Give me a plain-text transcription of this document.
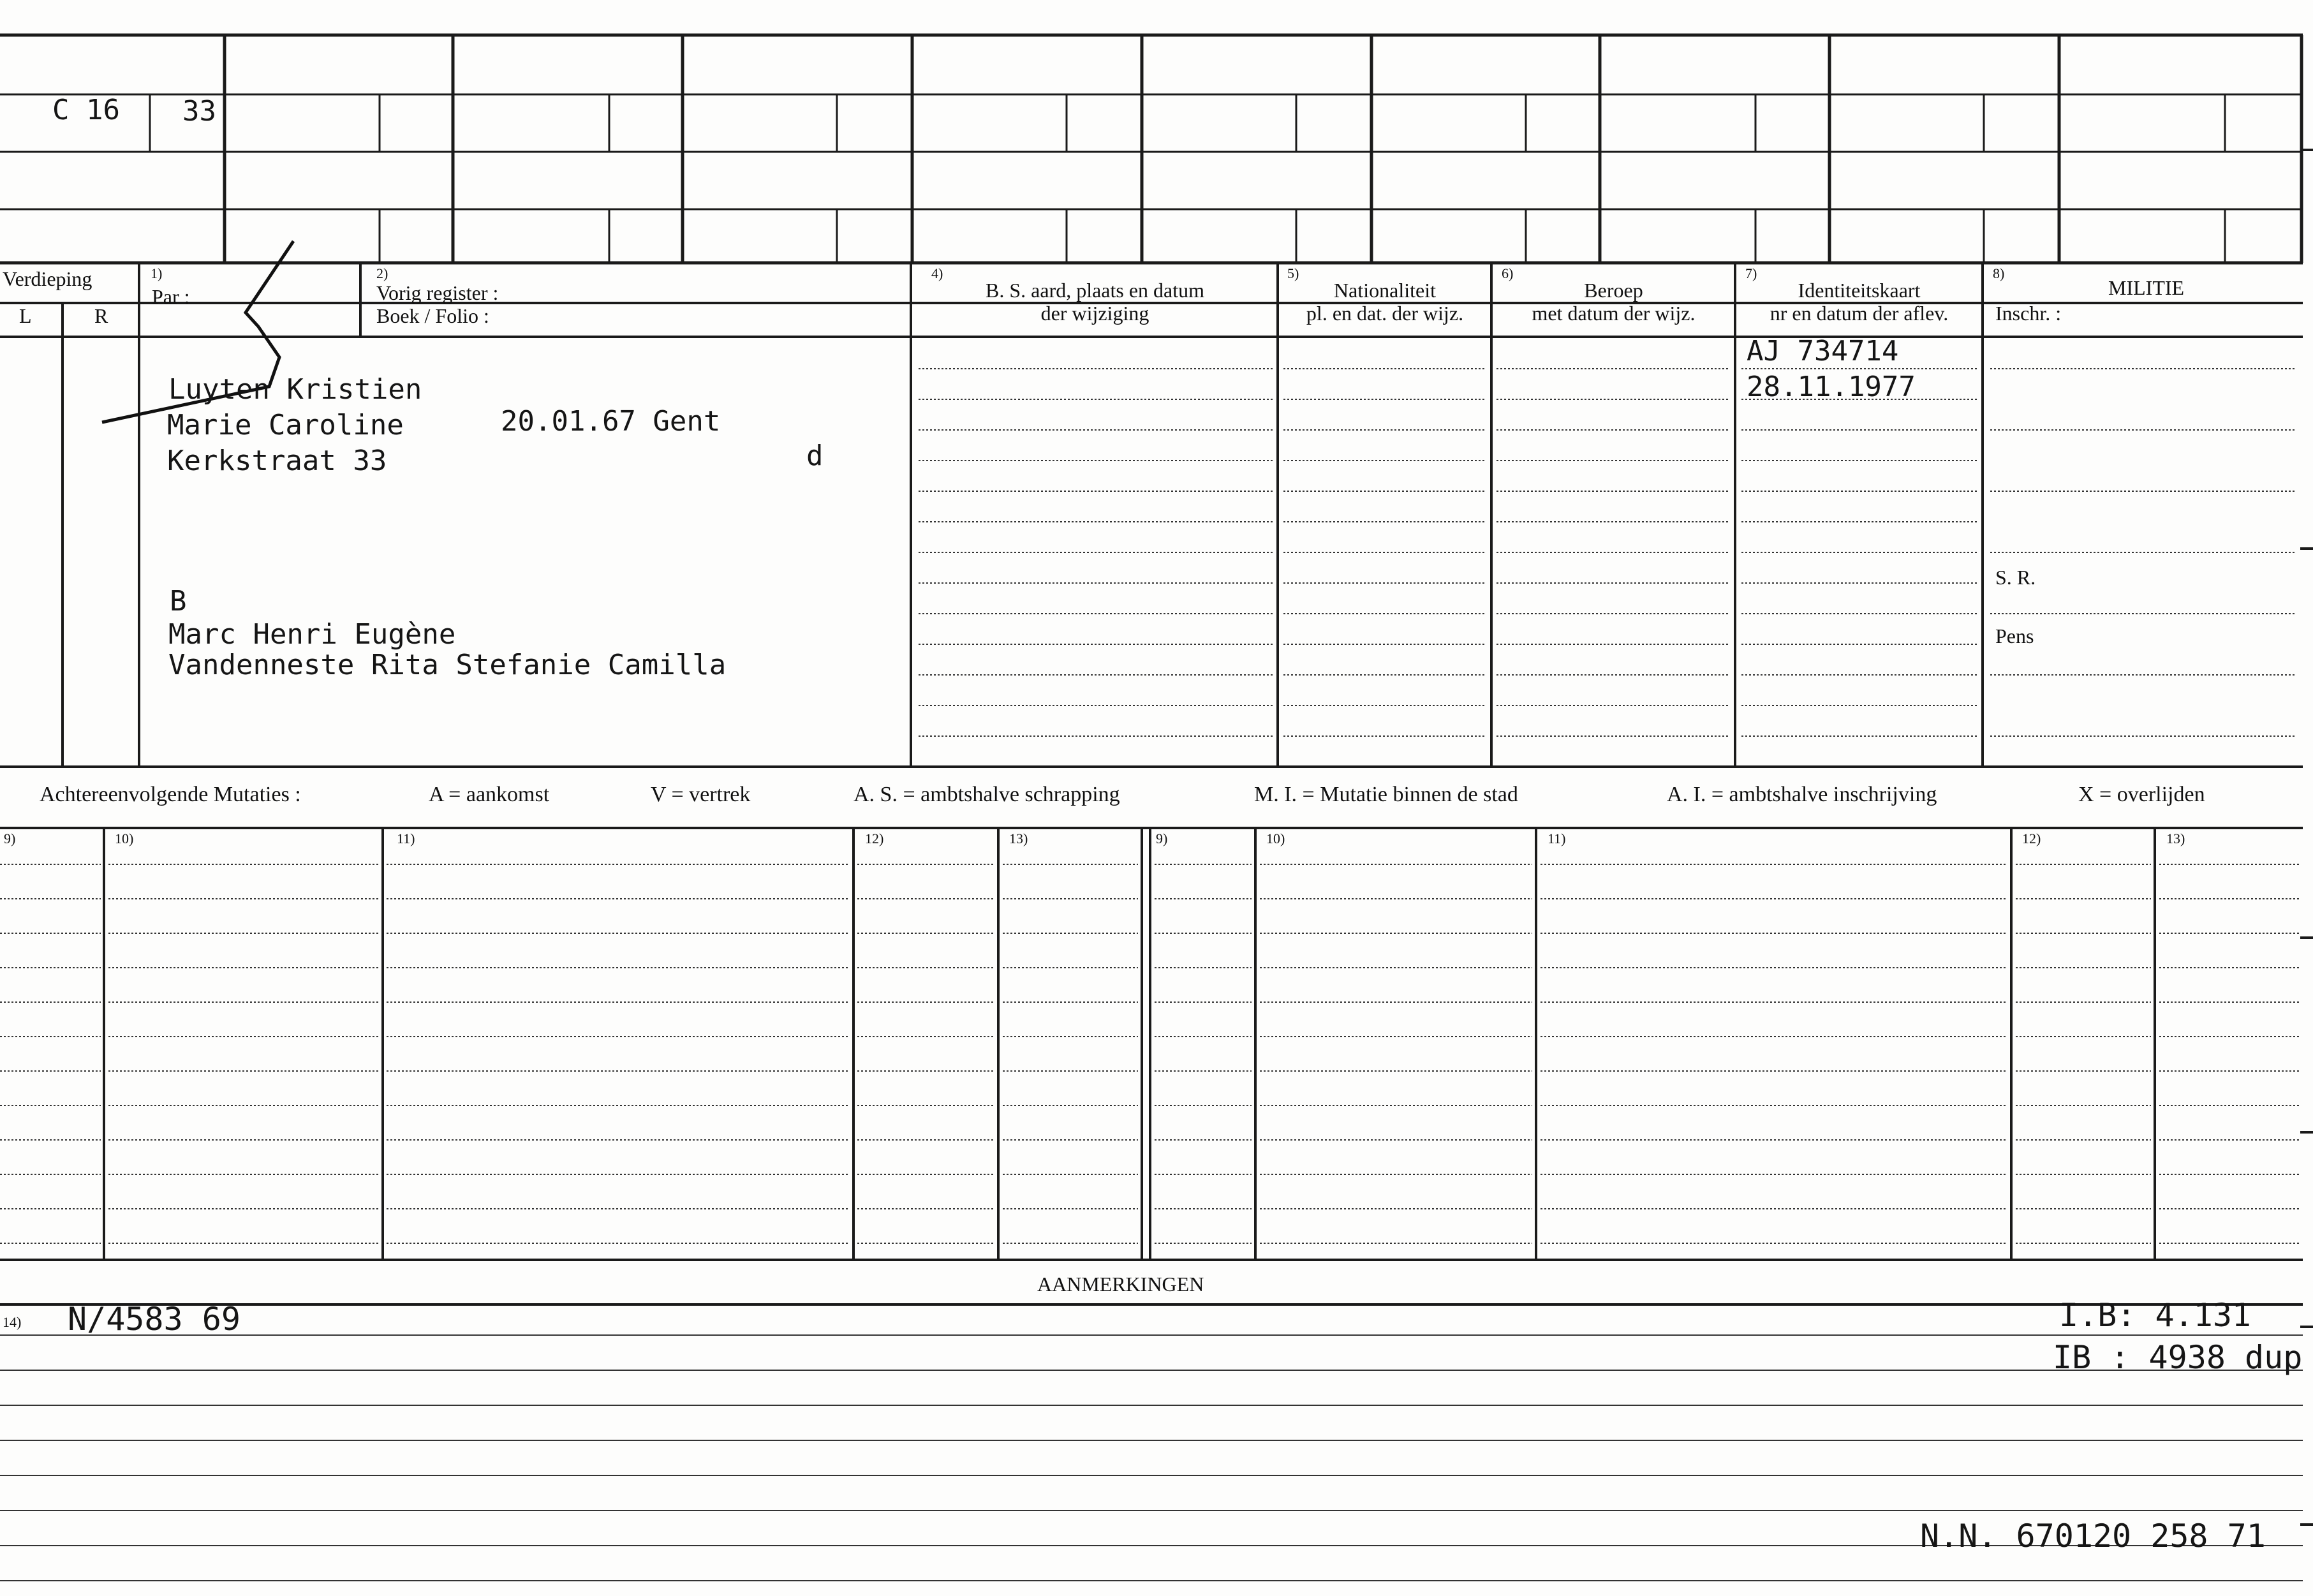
C 16 33
Verdieping
L	R
1)
Par :
2)
Vorig register :
Boek / Folio :
4)
B. S. aard, plaats en datum
der wijziging
5)
Nationaliteit
pl. en dat. der wijz.
6)
Beroep
met datum der wijz.
7)
Identiteitskaart
nr en datum der aflev.
8)
MILITIE
Inschr. :
S. R.
Pens
Luyten Kristien
Marie Caroline	20.01.67 Gent
Kerkstraat 33	d
B
Marc Henri Eugène
Vandenneste Rita Stefanie Camilla
AJ 734714
28.11.1977
Achtereenvolgende Mutaties :	A = aankomst	V = vertrek	A. S. = ambtshalve schrapping	M. I. = Mutatie binnen de stad	A. I. = ambtshalve inschrijving	X = overlijden
9)	10)	11)	12)	13)	9)	10)	11)	12)	13)
AANMERKINGEN
14) N/4583 69	I.B: 4.131
IB : 4938 dup
N.N. 670120 258 71
